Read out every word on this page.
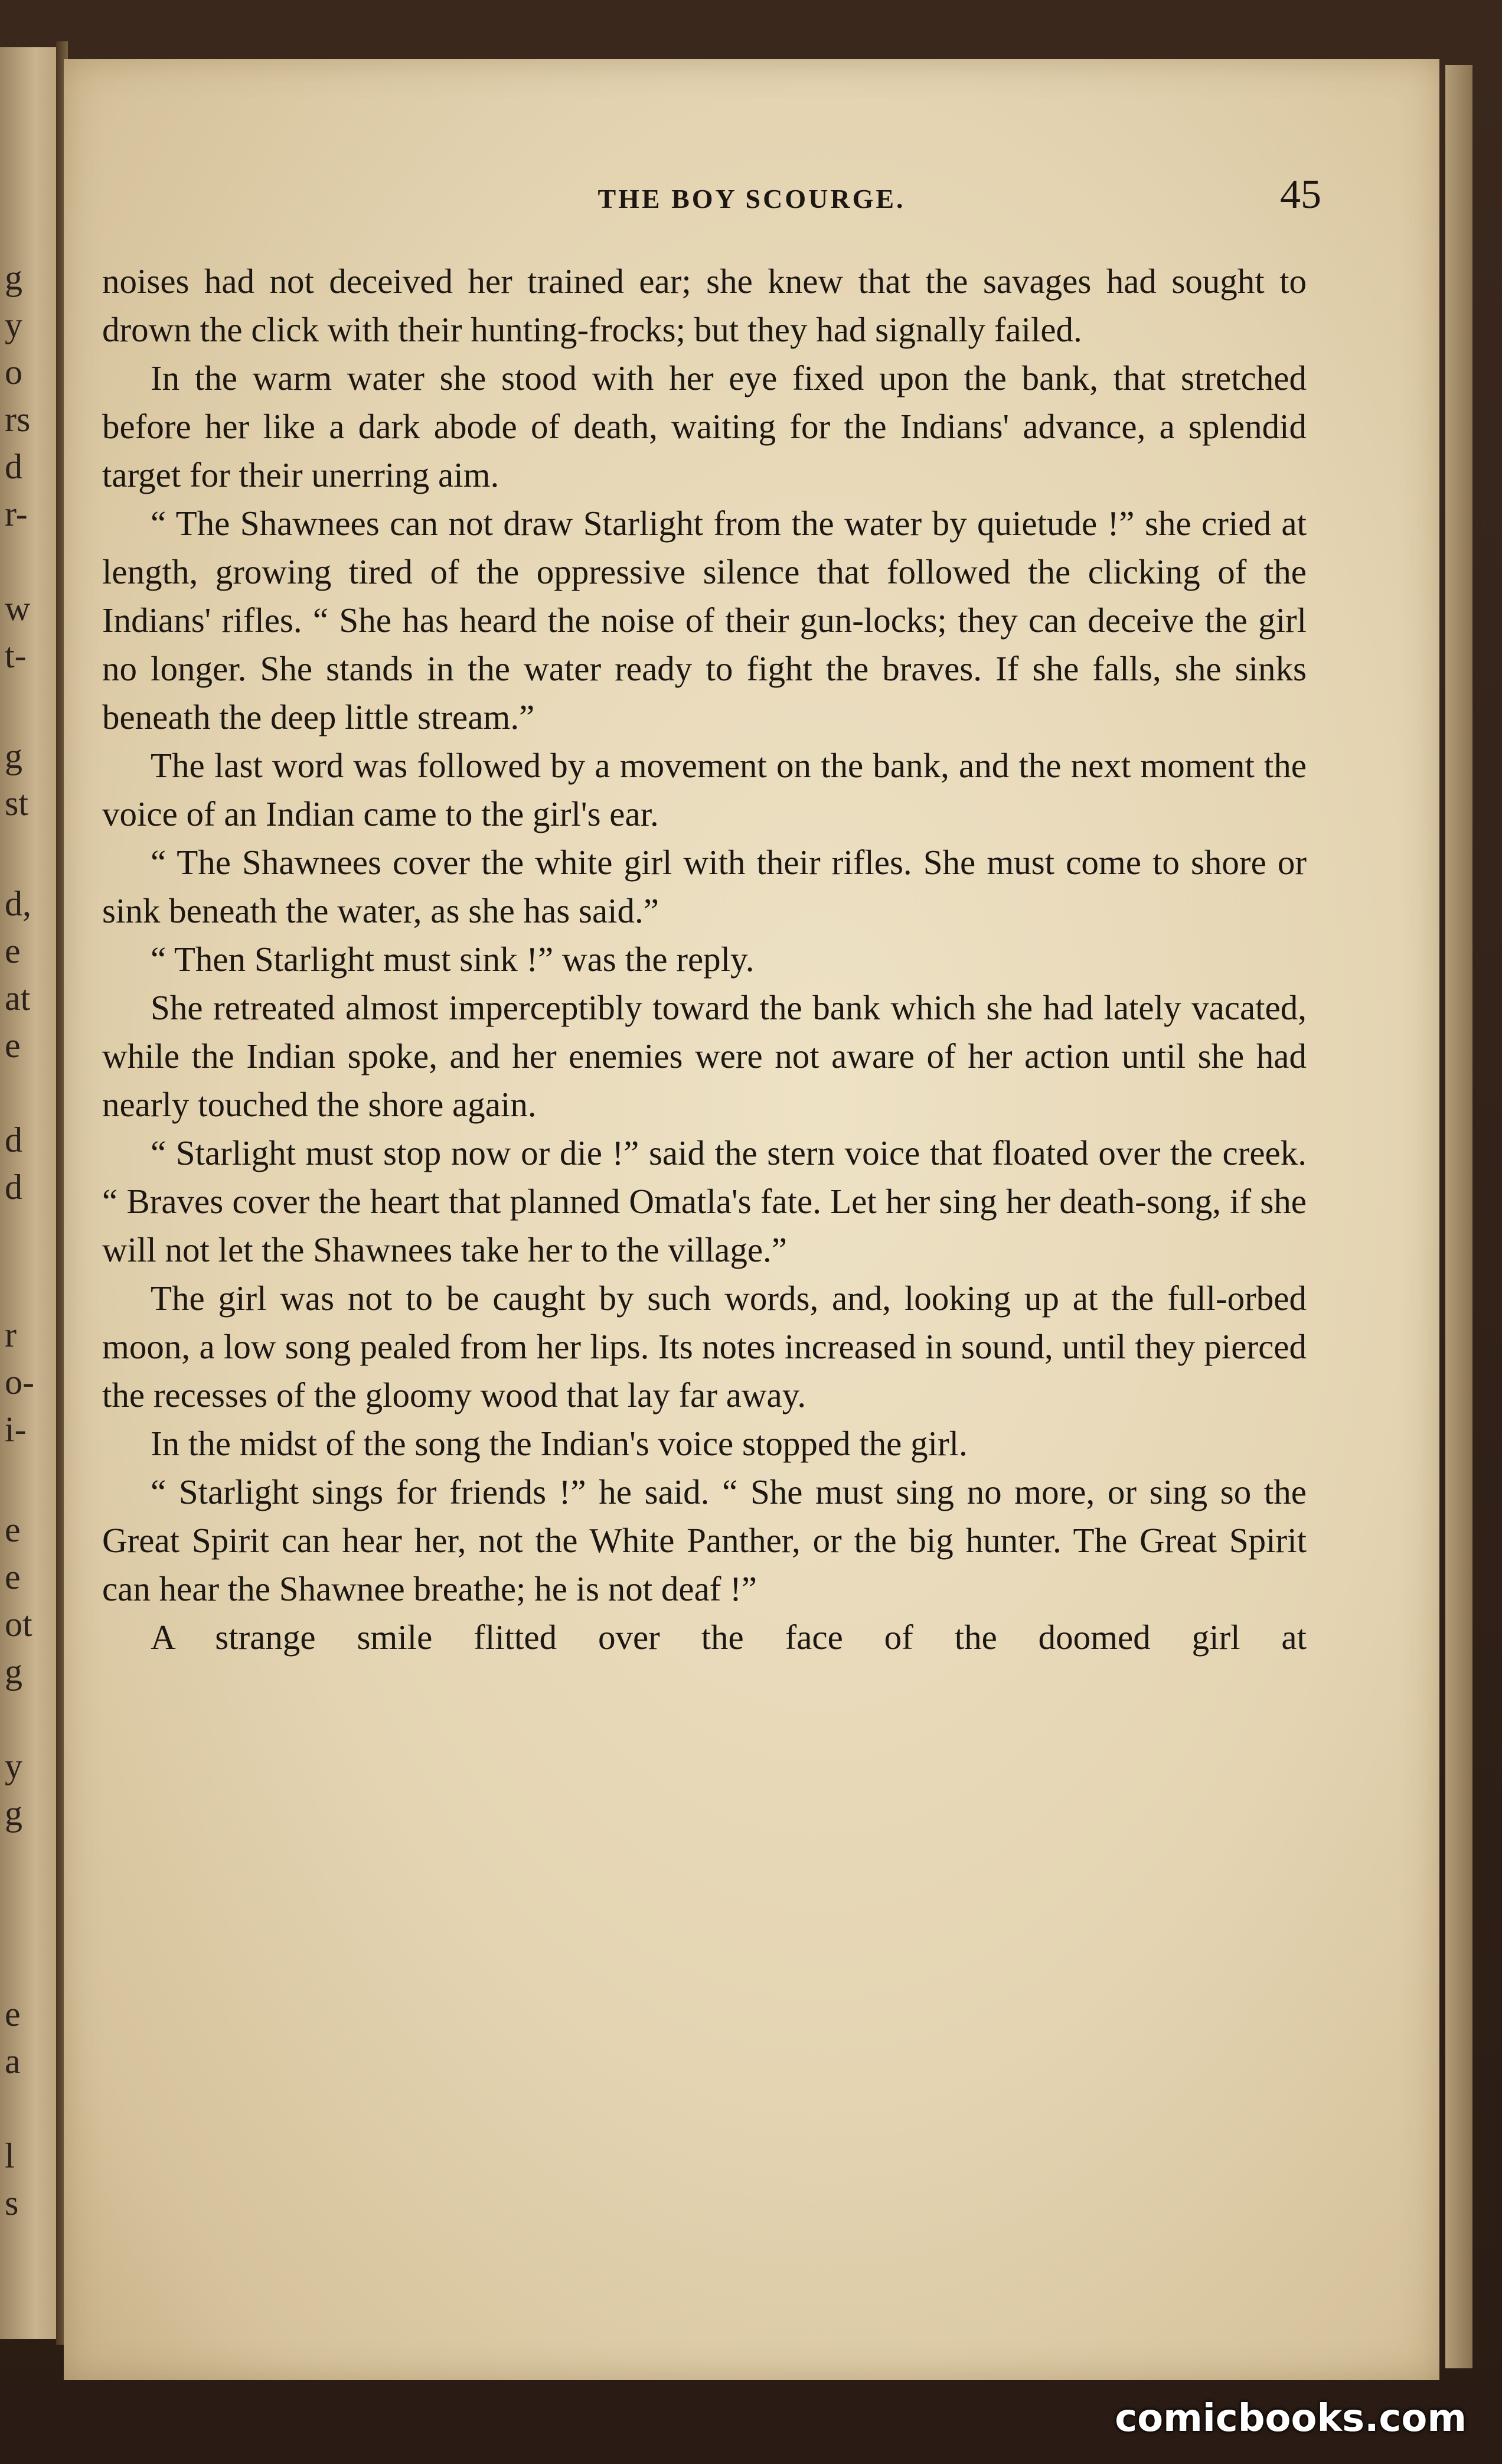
g
y
o
rs
d
r-
w
t-
g
st
d,
e
at
e
d
d
r
o-
i-
e
e
ot
g
y
g
e
a
l
s
THE BOY SCOURGE.	45

noises had not deceived her trained ear; she knew that the savages had sought to drown the click with their hunting-frocks; but they had signally failed.

In the warm water she stood with her eye fixed upon the bank, that stretched before her like a dark abode of death, waiting for the Indians' advance, a splendid target for their unerring aim.

“ The Shawnees can not draw Starlight from the water by quietude !” she cried at length, growing tired of the oppressive silence that followed the clicking of the Indians' rifles. “ She has heard the noise of their gun-locks; they can deceive the girl no longer. She stands in the water ready to fight the braves. If she falls, she sinks beneath the deep little stream.”

The last word was followed by a movement on the bank, and the next moment the voice of an Indian came to the girl's ear.

“ The Shawnees cover the white girl with their rifles. She must come to shore or sink beneath the water, as she has said.”

“ Then Starlight must sink !” was the reply.

She retreated almost imperceptibly toward the bank which she had lately vacated, while the Indian spoke, and her enemies were not aware of her action until she had nearly touched the shore again.

“ Starlight must stop now or die !” said the stern voice that floated over the creek. “ Braves cover the heart that planned Omatla's fate. Let her sing her death-song, if she will not let the Shawnees take her to the village.”

The girl was not to be caught by such words, and, looking up at the full-orbed moon, a low song pealed from her lips. Its notes increased in sound, until they pierced the recesses of the gloomy wood that lay far away.

In the midst of the song the Indian's voice stopped the girl.

“ Starlight sings for friends !” he said. “ She must sing no more, or sing so the Great Spirit can hear her, not the White Panther, or the big hunter. The Great Spirit can hear the Shawnee breathe; he is not deaf !”

A strange smile flitted over the face of the doomed girl at

comicbooks.com
